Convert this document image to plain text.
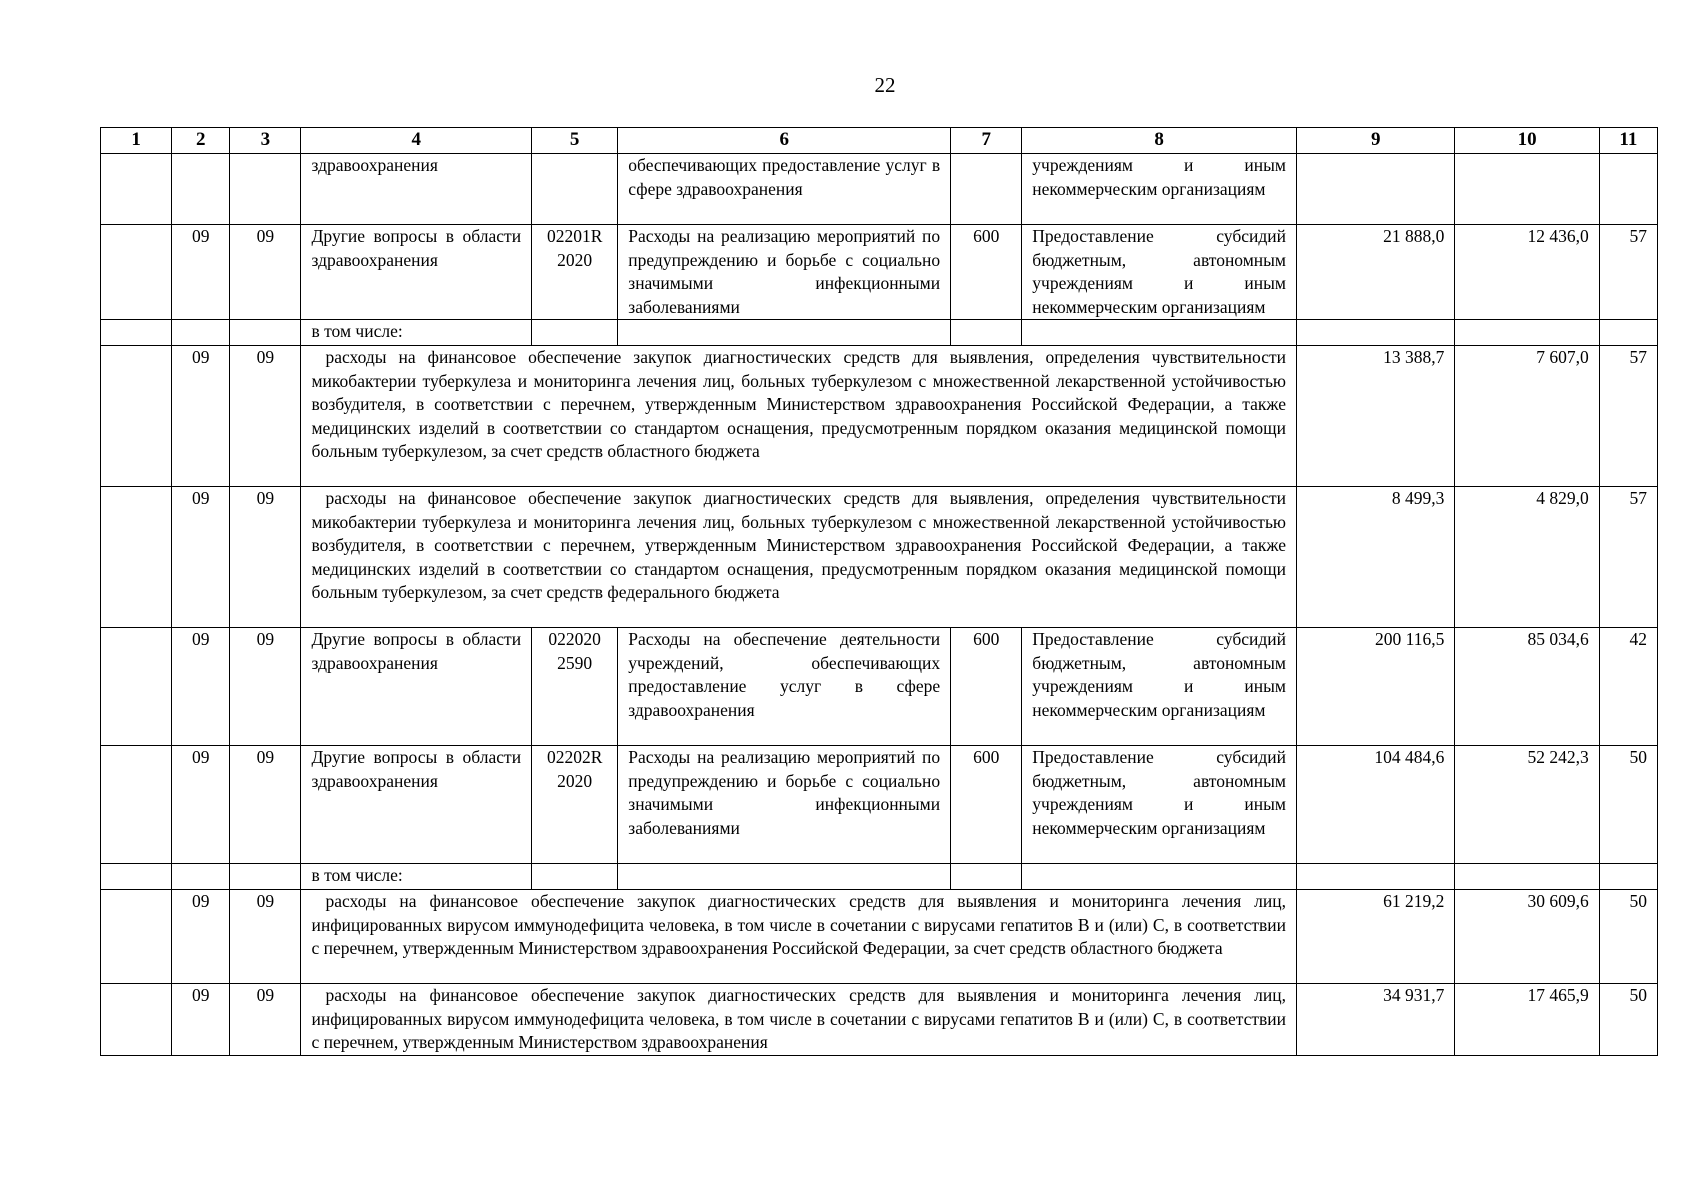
22
1	2	3	4	5	6	7	8	9	10	11
			здравоохранения		обеспечивающих предоставление услуг в сфере здравоохранения		учреждениям и иным некоммерческим организациям			
	09	09	Другие вопросы в области здравоохранения	02201R 2020	Расходы на реализацию мероприятий по предупреждению и борьбе с социально значимыми инфекционными заболеваниями	600	Предоставление субсидий бюджетным, автономным учреждениям и иным некоммерческим организациям	21 888,0	12 436,0	57
			в том числе:							
	09	09	расходы на финансовое обеспечение закупок диагностических средств для выявления, определения чувствительности микобактерии туберкулеза и мониторинга лечения лиц, больных туберкулезом с множественной лекарственной устойчивостью возбудителя, в соответствии с перечнем, утвержденным Министерством здравоохранения Российской Федерации, а также медицинских изделий в соответствии со стандартом оснащения, предусмотренным порядком оказания медицинской помощи больным туберкулезом, за счет средств областного бюджета					13 388,7	7 607,0	57
	09	09	расходы на финансовое обеспечение закупок диагностических средств для выявления, определения чувствительности микобактерии туберкулеза и мониторинга лечения лиц, больных туберкулезом с множественной лекарственной устойчивостью возбудителя, в соответствии с перечнем, утвержденным Министерством здравоохранения Российской Федерации, а также медицинских изделий в соответствии со стандартом оснащения, предусмотренным порядком оказания медицинской помощи больным туберкулезом, за счет средств федерального бюджета					8 499,3	4 829,0	57
	09	09	Другие вопросы в области здравоохранения	022020 2590	Расходы на обеспечение деятельности учреждений, обеспечивающих предоставление услуг в сфере здравоохранения	600	Предоставление субсидий бюджетным, автономным учреждениям и иным некоммерческим организациям	200 116,5	85 034,6	42
	09	09	Другие вопросы в области здравоохранения	02202R 2020	Расходы на реализацию мероприятий по предупреждению и борьбе с социально значимыми инфекционными заболеваниями	600	Предоставление субсидий бюджетным, автономным учреждениям и иным некоммерческим организациям	104 484,6	52 242,3	50
			в том числе:							
	09	09	расходы на финансовое обеспечение закупок диагностических средств для выявления и мониторинга лечения лиц, инфицированных вирусом иммунодефицита человека, в том числе в сочетании с вирусами гепатитов B и (или) C, в соответствии с перечнем, утвержденным Министерством здравоохранения Российской Федерации, за счет средств областного бюджета					61 219,2	30 609,6	50
	09	09	расходы на финансовое обеспечение закупок диагностических средств для выявления и мониторинга лечения лиц, инфицированных вирусом иммунодефицита человека, в том числе в сочетании с вирусами гепатитов B и (или) C, в соответствии с перечнем, утвержденным Министерством здравоохранения					34 931,7	17 465,9	50
